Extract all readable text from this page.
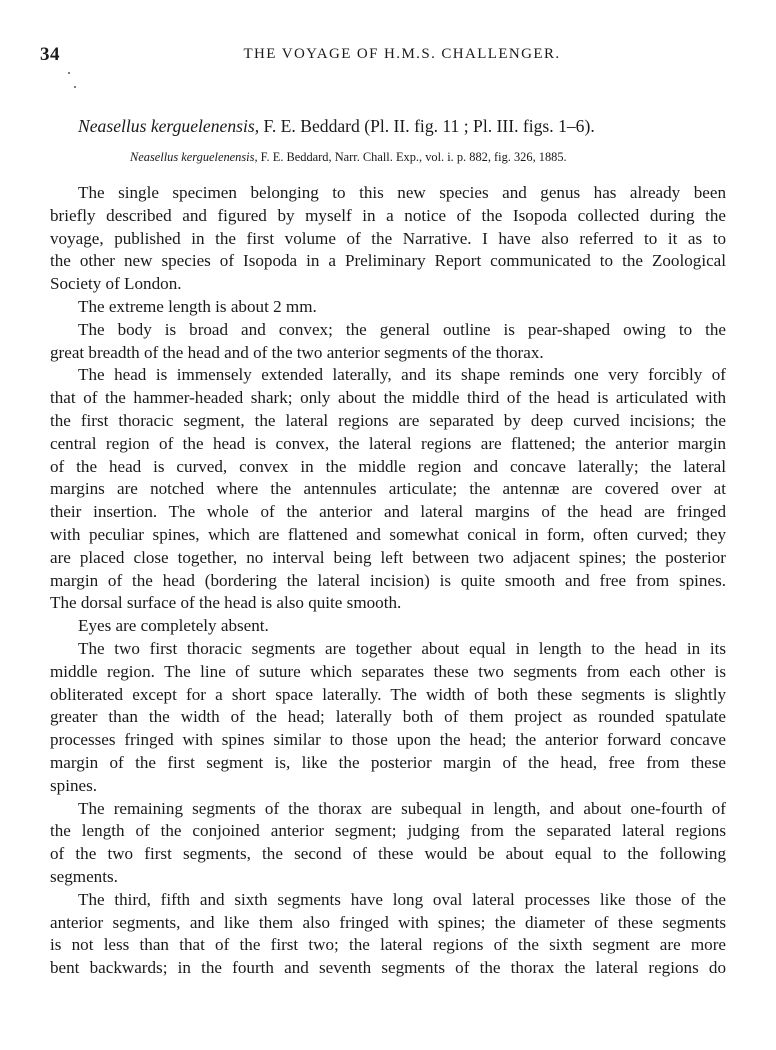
34	THE VOYAGE OF H.M.S. CHALLENGER.
Neasellus kerguelenensis, F. E. Beddard (Pl. II. fig. 11 ; Pl. III. figs. 1–6).
Neasellus kerguelenensis, F. E. Beddard, Narr. Chall. Exp., vol. i. p. 882, fig. 326, 1885.
The single specimen belonging to this new species and genus has already been
briefly described and figured by myself in a notice of the Isopoda collected during the
voyage, published in the first volume of the Narrative. I have also referred to it as to
the other new species of Isopoda in a Preliminary Report communicated to the Zoological
Society of London.
The extreme length is about 2 mm.
The body is broad and convex; the general outline is pear-shaped owing to the
great breadth of the head and of the two anterior segments of the thorax.
The head is immensely extended laterally, and its shape reminds one very forcibly of
that of the hammer-headed shark; only about the middle third of the head is articulated with
the first thoracic segment, the lateral regions are separated by deep curved incisions; the
central region of the head is convex, the lateral regions are flattened; the anterior margin
of the head is curved, convex in the middle region and concave laterally; the lateral
margins are notched where the antennules articulate; the antennæ are covered over at
their insertion. The whole of the anterior and lateral margins of the head are fringed
with peculiar spines, which are flattened and somewhat conical in form, often curved; they
are placed close together, no interval being left between two adjacent spines; the posterior
margin of the head (bordering the lateral incision) is quite smooth and free from spines.
The dorsal surface of the head is also quite smooth.
Eyes are completely absent.
The two first thoracic segments are together about equal in length to the head in its
middle region. The line of suture which separates these two segments from each other is
obliterated except for a short space laterally. The width of both these segments is slightly
greater than the width of the head; laterally both of them project as rounded spatulate
processes fringed with spines similar to those upon the head; the anterior forward concave
margin of the first segment is, like the posterior margin of the head, free from these
spines.
The remaining segments of the thorax are subequal in length, and about one-fourth of
the length of the conjoined anterior segment; judging from the separated lateral regions
of the two first segments, the second of these would be about equal to the following
segments.
The third, fifth and sixth segments have long oval lateral processes like those of the
anterior segments, and like them also fringed with spines; the diameter of these segments
is not less than that of the first two; the lateral regions of the sixth segment are more
bent backwards; in the fourth and seventh segments of the thorax the lateral regions do
